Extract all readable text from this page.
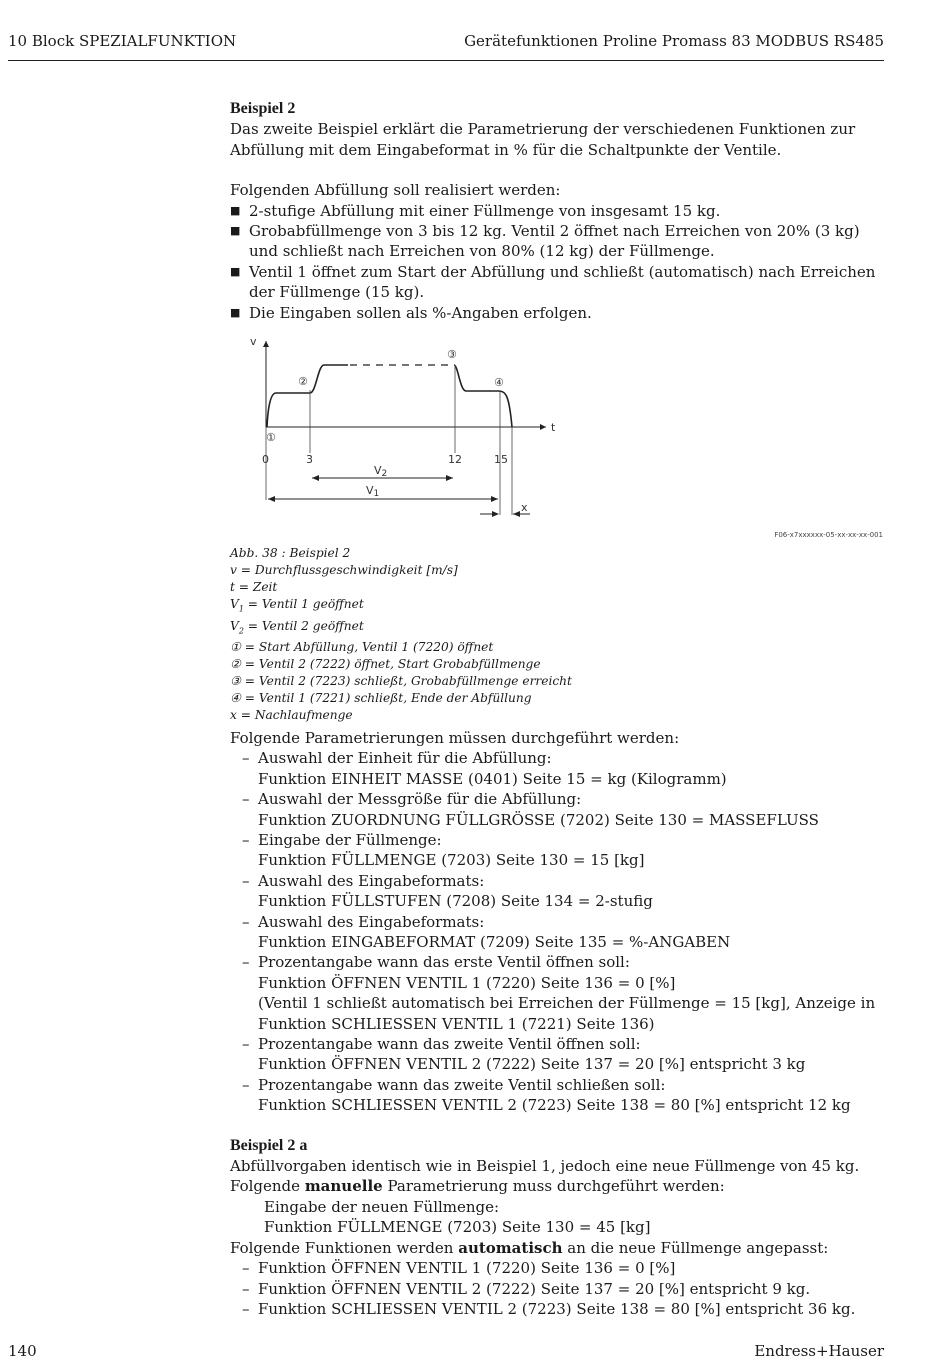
10 Block SPEZIALFUNKTION	Gerätefunktionen Proline Promass 83 MODBUS RS485

Beispiel 2

Das zweite Beispiel erklärt die Parametrierung der verschiedenen Funktionen zur Abfüllung mit dem Eingabeformat in % für die Schaltpunkte der Ventile.

Folgenden Abfüllung soll realisiert werden:

■ 2-stufige Abfüllung mit einer Füllmenge von insgesamt 15 kg.
■ Grobabfüllmenge von 3 bis 12 kg. Ventil 2 öffnet nach Erreichen von 20% (3 kg) und schließt nach Erreichen von 80% (12 kg) der Füllmenge.
■ Ventil 1 öffnet zum Start der Abfüllung und schließt (automatisch) nach Erreichen der Füllmenge (15 kg).
■ Die Eingaben sollen als %-Angaben erfolgen.
v
t
0	3	12	15
①
②
③
④
V2
V1
x
F06-x7xxxxxx-05-xx-xx-xx-001

Abb. 38 : Beispiel 2

v = Durchflussgeschwindigkeit [m/s]

t = Zeit

$V_1$ = Ventil 1 geöffnet

$V_2$ = Ventil 2 geöffnet

① = Start Abfüllung, Ventil 1 (7220) öffnet

② = Ventil 2 (7222) öffnet, Start Grobabfüllmenge

③ = Ventil 2 (7223) schließt, Grobabfüllmenge erreicht

④ = Ventil 1 (7221) schließt, Ende der Abfüllung

x = Nachlaufmenge

Folgende Parametrierungen müssen durchgeführt werden:

– Auswahl der Einheit für die Abfüllung:
Funktion EINHEIT MASSE (0401) Seite 15 = kg (Kilogramm)
– Auswahl der Messgröße für die Abfüllung:
Funktion ZUORDNUNG FÜLLGRÖSSE (7202) Seite 130 = MASSEFLUSS
– Eingabe der Füllmenge:
Funktion FÜLLMENGE (7203) Seite 130 = 15 [kg]
– Auswahl des Eingabeformats:
Funktion FÜLLSTUFEN (7208) Seite 134 = 2-stufig
– Auswahl des Eingabeformats:
Funktion EINGABEFORMAT (7209) Seite 135 = %-ANGABEN
– Prozentangabe wann das erste Ventil öffnen soll:
Funktion ÖFFNEN VENTIL 1 (7220) Seite 136 = 0 [%]
(Ventil 1 schließt automatisch bei Erreichen der Füllmenge = 15 [kg], Anzeige in Funktion SCHLIESSEN VENTIL 1 (7221) Seite 136)
– Prozentangabe wann das zweite Ventil öffnen soll:
Funktion ÖFFNEN VENTIL 2 (7222) Seite 137 = 20 [%] entspricht 3 kg
– Prozentangabe wann das zweite Ventil schließen soll:
Funktion SCHLIESSEN VENTIL 2 (7223) Seite 138 = 80 [%] entspricht 12 kg

Beispiel 2 a

Abfüllvorgaben identisch wie in Beispiel 1, jedoch eine neue Füllmenge von 45 kg.

Folgende manuelle Parametrierung muss durchgeführt werden:

Eingabe der neuen Füllmenge:

Funktion FÜLLMENGE (7203) Seite 130 = 45 [kg]

Folgende Funktionen werden automatisch an die neue Füllmenge angepasst:

– Funktion ÖFFNEN VENTIL 1 (7220) Seite 136 = 0 [%]
– Funktion ÖFFNEN VENTIL 2 (7222) Seite 137 = 20 [%] entspricht 9 kg.
– Funktion SCHLIESSEN VENTIL 2 (7223) Seite 138 = 80 [%] entspricht 36 kg.
140	Endress+Hauser
